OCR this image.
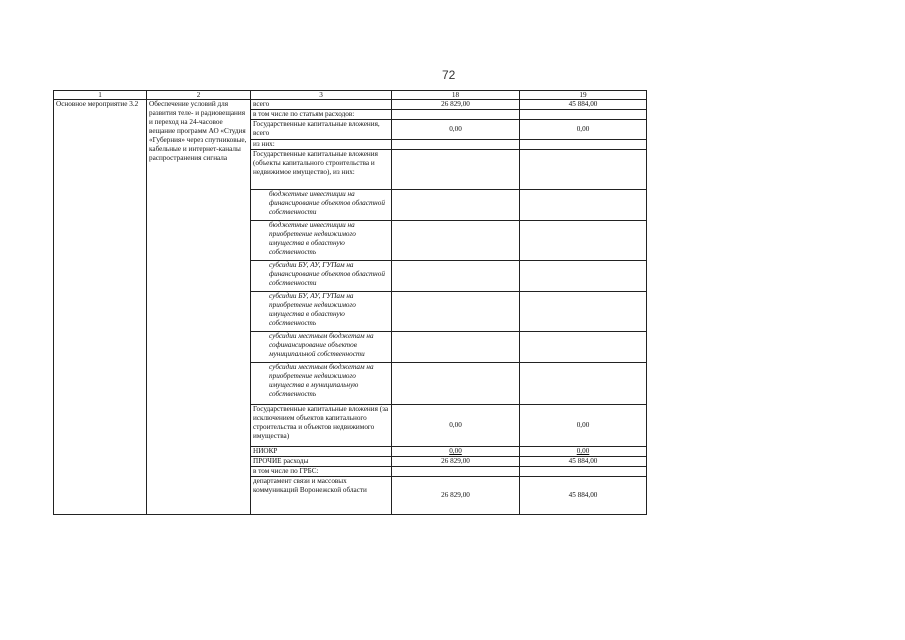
72
1	2	3	18	19
Основное мероприятие 3.2	Обеспечение условий для развития теле- и радиовещания и переход на 24-часовое вещание программ АО «Студия «Губерния» через спутниковые, кабельные и интернет-каналы распространения сигнала	всего	26 829,00	45 884,00
		в том числе по статьям расходов:		
		Государственные капитальные вложения, всего	0,00	0,00
		из них:		
		Государственные капитальные вложения (объекты капитального строительства и недвижимое имущество), из них:		
		бюджетные инвестиции на финансирование объектов областной собственности		
		бюджетные инвестиции на приобретение недвижимого имущества в областную собственность		
		субсидии БУ, АУ, ГУПам на финансирование объектов областной собственности		
		субсидии БУ, АУ, ГУПам на приобретение недвижимого имущества в областную собственность		
		субсидии местным бюджетам на софинансирование объектов муниципальной собственности		
		субсидии местным бюджетам на приобретение недвижимого имущества в муниципальную собственность		
		Государственные капитальные вложения (за исключением объектов капитального строительства и объектов недвижимого имущества)	0,00	0,00
		НИОКР	0,00	0,00
		ПРОЧИЕ расходы	26 829,00	45 884,00
		в том числе по ГРБС:		
		департамент связи и массовых коммуникаций Воронежской области	26 829,00	45 884,00
